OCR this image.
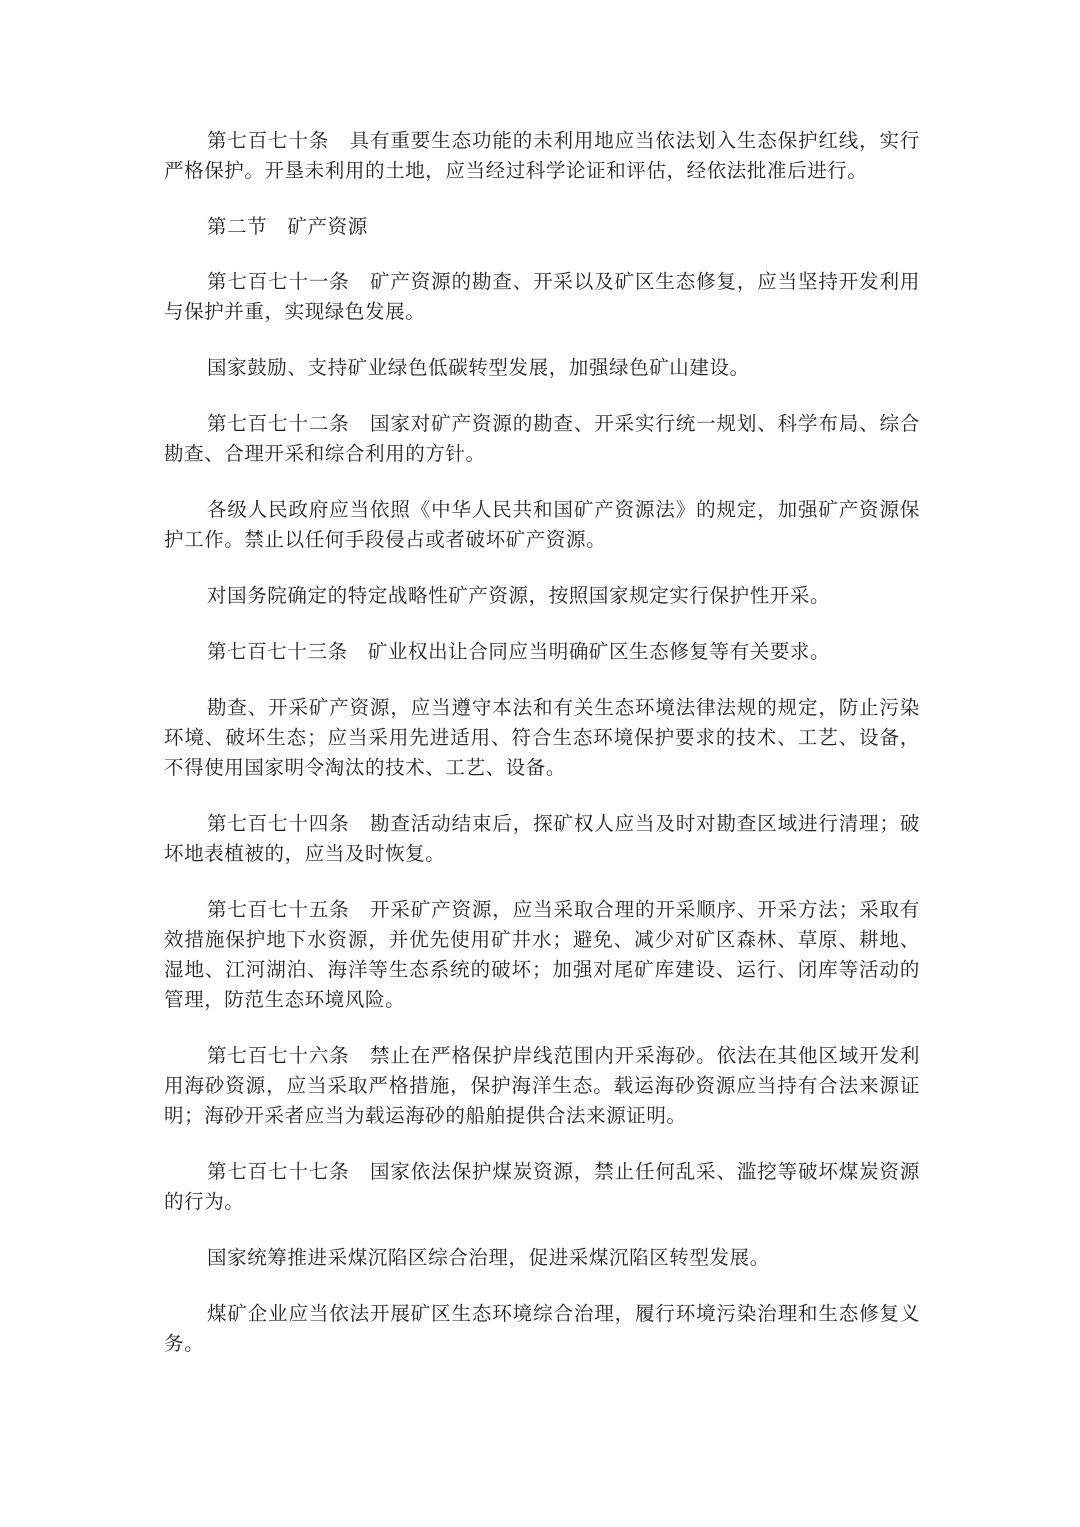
第七百七十条　 具有重要生态功能的未利用地应当依法划入生态保护红线，实行严格保护。开垦未利用的土地，应当经过科学论证和评估，经依法批准后进行。

第二节　 矿产资源

第七百七十一条　 矿产资源的勘查、开采以及矿区生态修复，应当坚持开发利用与保护并重，实现绿色发展。

国家鼓励、支持矿业绿色低碳转型发展，加强绿色矿山建设。

第七百七十二条　 国家对矿产资源的勘查、开采实行统一规划、科学布局、综合勘查、合理开采和综合利用的方针。

各级人民政府应当依照《中华人民共和国矿产资源法》的规定，加强矿产资源保护工作。禁止以任何手段侵占或者破坏矿产资源。

对国务院确定的特定战略性矿产资源，按照国家规定实行保护性开采。

第七百七十三条　 矿业权出让合同应当明确矿区生态修复等有关要求。

勘查、开采矿产资源，应当遵守本法和有关生态环境法律法规的规定，防止污染环境、破坏生态；应当采用先进适用、符合生态环境保护要求的技术、工艺、设备，不得使用国家明令淘汰的技术、工艺、设备。

第七百七十四条　 勘查活动结束后，探矿权人应当及时对勘查区域进行清理；破坏地表植被的，应当及时恢复。

第七百七十五条　 开采矿产资源，应当采取合理的开采顺序、开采方法；采取有效措施保护地下水资源，并优先使用矿井水；避免、减少对矿区森林、草原、耕地、湿地、江河湖泊、海洋等生态系统的破坏；加强对尾矿库建设、运行、闭库等活动的管理，防范生态环境风险。

第七百七十六条　 禁止在严格保护岸线范围内开采海砂。依法在其他区域开发利用海砂资源，应当采取严格措施，保护海洋生态。载运海砂资源应当持有合法来源证明；海砂开采者应当为载运海砂的船舶提供合法来源证明。

第七百七十七条　 国家依法保护煤炭资源，禁止任何乱采、滥挖等破坏煤炭资源的行为。

国家统筹推进采煤沉陷区综合治理，促进采煤沉陷区转型发展。

煤矿企业应当依法开展矿区生态环境综合治理，履行环境污染治理和生态修复义务。
